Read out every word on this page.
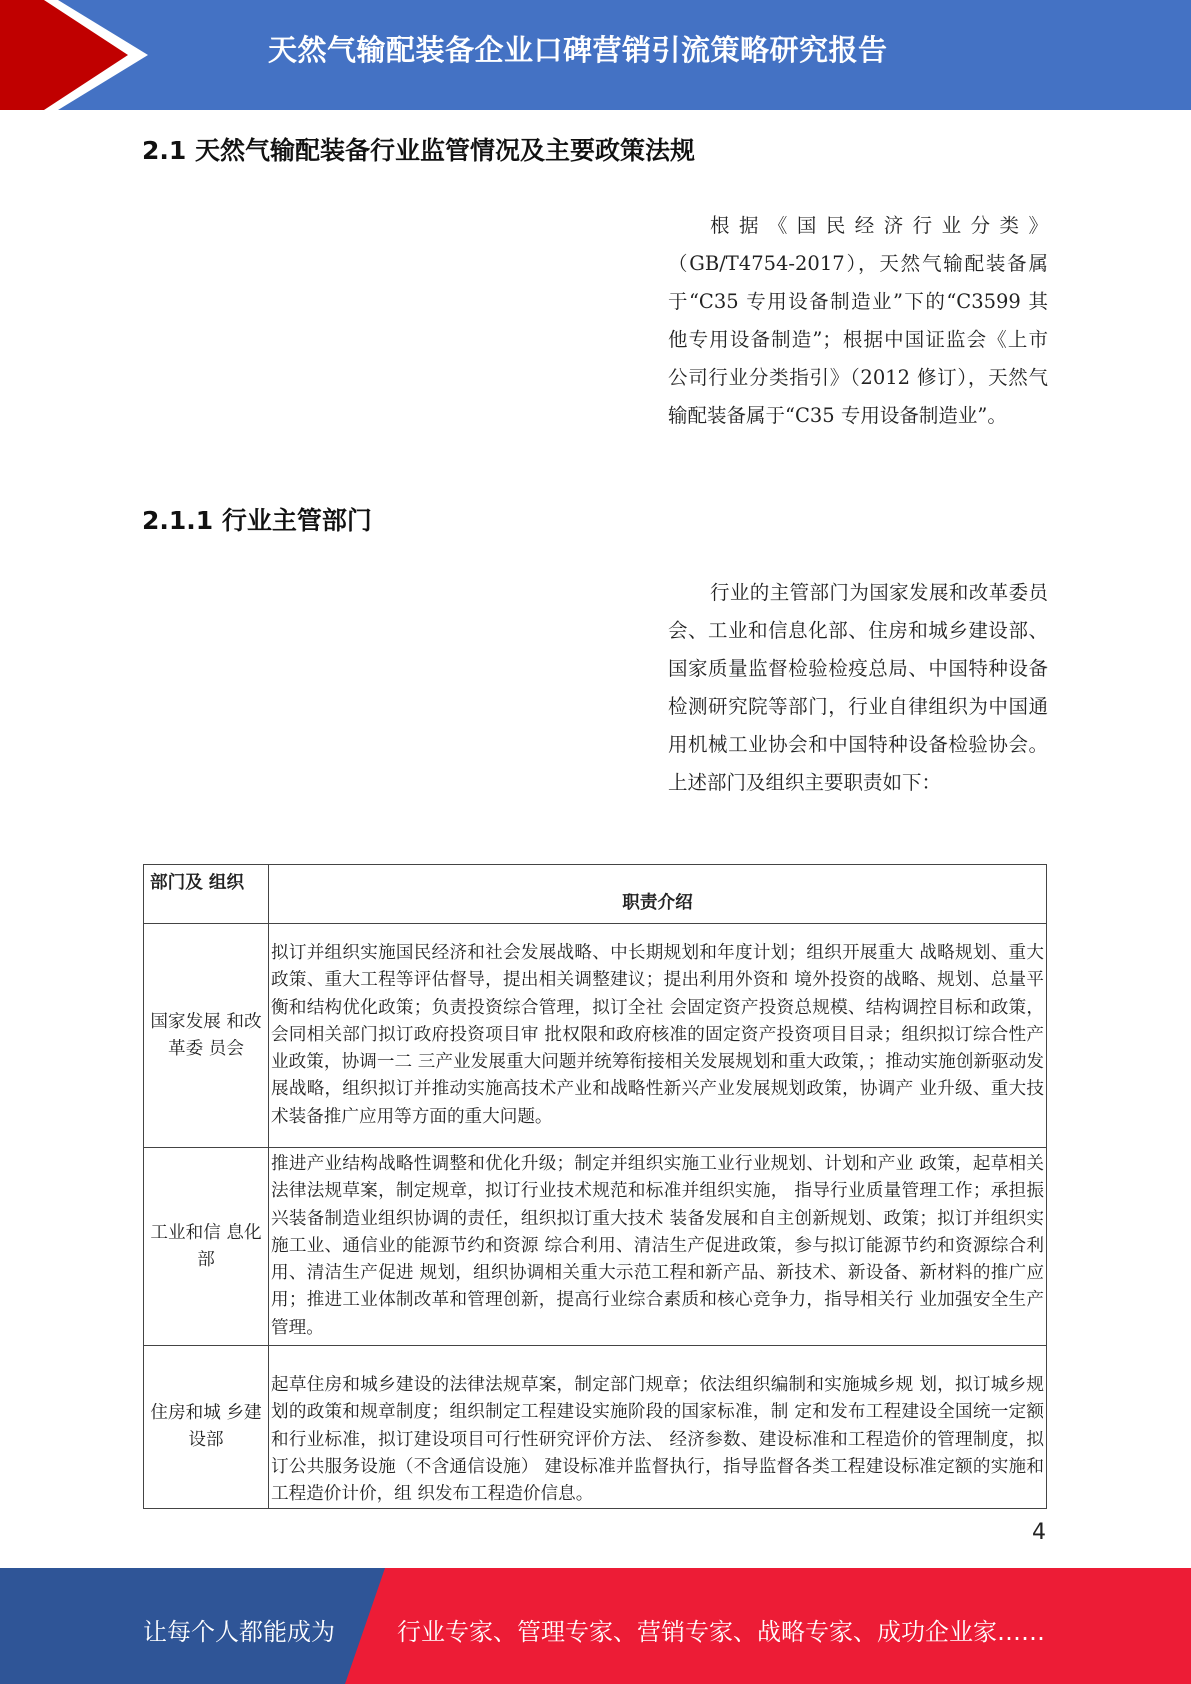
天然气输配装备企业口碑营销引流策略研究报告
2.1 天然气输配装备行业监管情况及主要政策法规
根据《国民经济行业分类》（GB/T4754-2017），天然气输配装备属于“C35 专用设备制造业”下的“C3599 其他专用设备制造”；根据中国证监会《上市公司行业分类指引》（2012 修订），天然气输配装备属于“C35 专用设备制造业”。
2.1.1 行业主管部门
行业的主管部门为国家发展和改革委员会、工业和信息化部、住房和城乡建设部、国家质量监督检验检疫总局、中国特种设备检测研究院等部门，行业自律组织为中国通用机械工业协会和中国特种设备检验协会。上述部门及组织主要职责如下：
部门及 组织	职责介绍
国家发展 和改革委 员会	拟订并组织实施国民经济和社会发展战略、中长期规划和年度计划；组织开展重大 战略规划、重大政策、重大工程等评估督导，提出相关调整建议；提出利用外资和 境外投资的战略、规划、总量平衡和结构优化政策；负责投资综合管理，拟订全社 会固定资产投资总规模、结构调控目标和政策，会同相关部门拟订政府投资项目审 批权限和政府核准的固定资产投资项目目录；组织拟订综合性产业政策，协调一二 三产业发展重大问题并统筹衔接相关发展规划和重大政策，；推动实施创新驱动发展战略，组织拟订并推动实施高技术产业和战略性新兴产业发展规划政策，协调产 业升级、重大技术装备推广应用等方面的重大问题。
工业和信 息化部	推进产业结构战略性调整和优化升级；制定并组织实施工业行业规划、计划和产业 政策，起草相关法律法规草案，制定规章，拟订行业技术规范和标准并组织实施， 指导行业质量管理工作；承担振兴装备制造业组织协调的责任，组织拟订重大技术 装备发展和自主创新规划、政策；拟订并组织实施工业、通信业的能源节约和资源 综合利用、清洁生产促进政策，参与拟订能源节约和资源综合利用、清洁生产促进 规划，组织协调相关重大示范工程和新产品、新技术、新设备、新材料的推广应 用；推进工业体制改革和管理创新，提高行业综合素质和核心竞争力，指导相关行 业加强安全生产管理。
住房和城 乡建设部	起草住房和城乡建设的法律法规草案，制定部门规章；依法组织编制和实施城乡规 划，拟订城乡规划的政策和规章制度；组织制定工程建设实施阶段的国家标准，制 定和发布工程建设全国统一定额和行业标准，拟订建设项目可行性研究评价方法、 经济参数、建设标准和工程造价的管理制度，拟订公共服务设施（不含通信设施） 建设标准并监督执行，指导监督各类工程建设标准定额的实施和工程造价计价，组 织发布工程造价信息。
4
让每个人都能成为	行业专家、管理专家、营销专家、战略专家、成功企业家……
